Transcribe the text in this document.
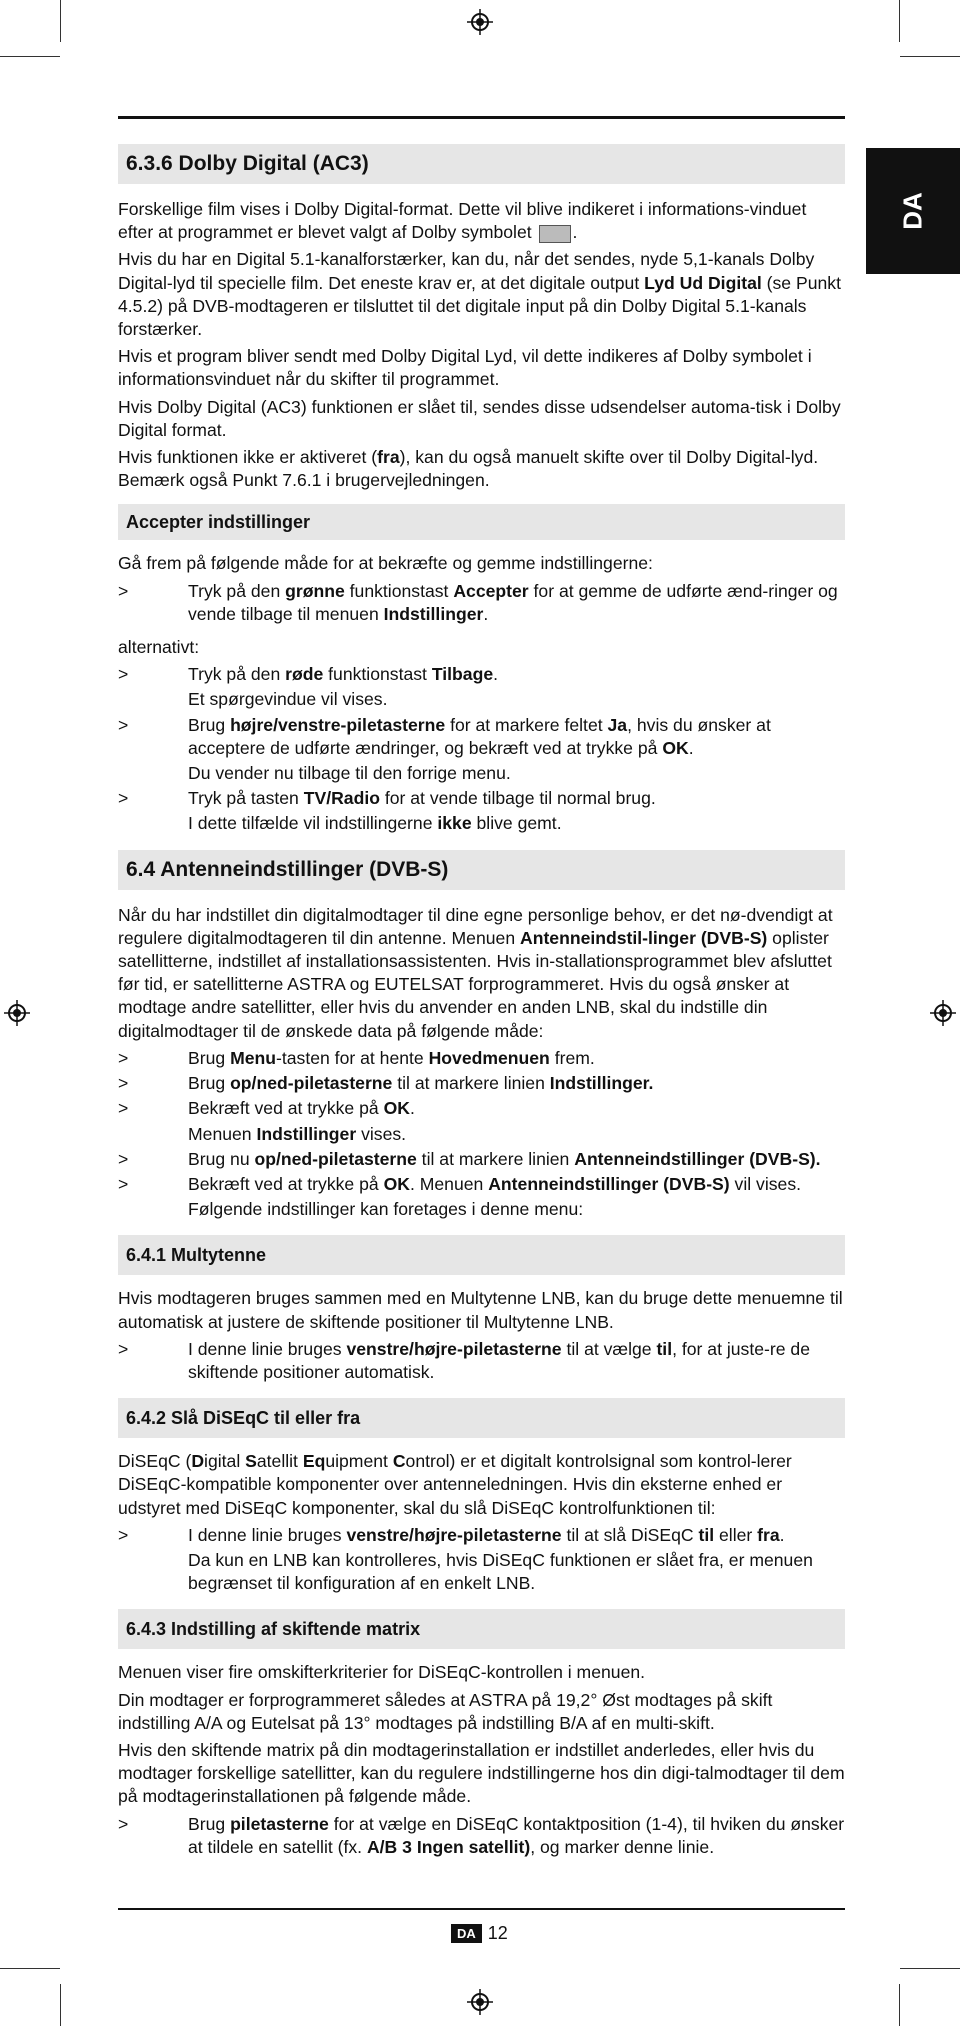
DA
6.3.6 Dolby Digital (AC3)

Forskellige film vises i Dolby Digital-format. Dette vil blive indikeret i informations-vinduet efter at programmet er blevet valgt af Dolby symbolet .

Hvis du har en Digital 5.1-kanalforstærker, kan du, når det sendes, nyde 5,1-kanals Dolby Digital-lyd til specielle film. Det eneste krav er, at det digitale output Lyd Ud Digital (se Punkt 4.5.2) på DVB-modtageren er tilsluttet til det digitale input på din Dolby Digital 5.1-kanals forstærker.

Hvis et program bliver sendt med Dolby Digital Lyd, vil dette indikeres af Dolby symbolet i informationsvinduet når du skifter til programmet.

Hvis Dolby Digital (AC3) funktionen er slået til, sendes disse udsendelser automa-tisk i Dolby Digital format.

Hvis funktionen ikke er aktiveret (fra), kan du også manuelt skifte over til Dolby Digital-lyd. Bemærk også Punkt 7.6.1 i brugervejledningen.

Accepter indstillinger

Gå frem på følgende måde for at bekræfte og gemme indstillingerne:

>	Tryk på den grønne funktionstast Accepter for at gemme de udførte ænd-ringer og vende tilbage til menuen Indstillinger.

alternativt:

>	Tryk på den røde funktionstast Tilbage.
Et spørgevindue vil vises.
>	Brug højre/venstre-piletasterne for at markere feltet Ja, hvis du ønsker at acceptere de udførte ændringer, og bekræft ved at trykke på OK.
Du vender nu tilbage til den forrige menu.
>	Tryk på tasten TV/Radio for at vende tilbage til normal brug.
I dette tilfælde vil indstillingerne ikke blive gemt.
6.4 Antenneindstillinger (DVB-S)

Når du har indstillet din digitalmodtager til dine egne personlige behov, er det nø-dvendigt at regulere digitalmodtageren til din antenne. Menuen Antenneindstil-linger (DVB-S) oplister satellitterne, indstillet af installationsassistenten. Hvis in-stallationsprogrammet blev afsluttet før tid, er satellitterne ASTRA og EUTELSAT forprogrammeret. Hvis du også ønsker at modtage andre satellitter, eller hvis du anvender en anden LNB, skal du indstille din digitalmodtager til de ønskede data på følgende måde:

>	Brug Menu-tasten for at hente Hovedmenuen frem.
>	Brug op/ned-piletasterne til at markere linien Indstillinger.
>	Bekræft ved at trykke på OK.
Menuen Indstillinger vises.
>	Brug nu op/ned-piletasterne til at markere linien Antenneindstillinger (DVB-S).
>	Bekræft ved at trykke på OK. Menuen Antenneindstillinger (DVB-S) vil vises.
Følgende indstillinger kan foretages i denne menu:
6.4.1 Multytenne

Hvis modtageren bruges sammen med en Multytenne LNB, kan du bruge dette menuemne til automatisk at justere de skiftende positioner til Multytenne LNB.

>	I denne linie bruges venstre/højre-piletasterne til at vælge til, for at juste-re de skiftende positioner automatisk.
6.4.2 Slå DiSEqC til eller fra

DiSEqC (Digital Satellit Equipment Control) er et digitalt kontrolsignal som kontrol-lerer DiSEqC-kompatible komponenter over antenneledningen. Hvis din eksterne enhed er udstyret med DiSEqC komponenter, skal du slå DiSEqC kontrolfunktionen til:

>	I denne linie bruges venstre/højre-piletasterne til at slå DiSEqC til eller fra.
Da kun en LNB kan kontrolleres, hvis DiSEqC funktionen er slået fra, er menuen begrænset til konfiguration af en enkelt LNB.
6.4.3 Indstilling af skiftende matrix

Menuen viser fire omskifterkriterier for DiSEqC-kontrollen i menuen.

Din modtager er forprogrammeret således at ASTRA på 19,2° Øst modtages på skift indstilling A/A og Eutelsat på 13° modtages på indstilling B/A af en multi-skift.

Hvis den skiftende matrix på din modtagerinstallation er indstillet anderledes, eller hvis du modtager forskellige satellitter, kan du regulere indstillingerne hos din digi-talmodtager til dem på modtagerinstallationen på følgende måde.

>	Brug piletasterne for at vælge en DiSEqC kontaktposition (1-4), til hviken du ønsker at tildele en satellit (fx. A/B 3 Ingen satellit), og marker denne linie.
DA 12
